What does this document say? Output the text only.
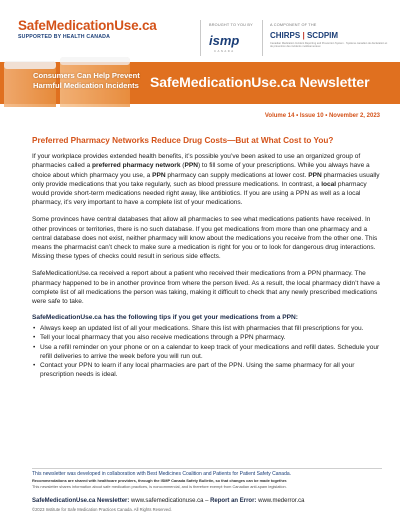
SafeMedicationUse.ca
SUPPORTED BY HEALTH CANADA
BROUGHT TO YOU BY
ismp
CANADA
A COMPONENT OF THE
CHIRPS | SCDPIM
Canadian Medication Incident Reporting and Prevention System · Système canadien de déclaration et de prévention des incidents médicamenteux
Consumers Can Help Prevent
Harmful Medication Incidents SafeMedicationUse.ca Newsletter
Volume 14 • Issue 10 • November 2, 2023
Preferred Pharmacy Networks Reduce Drug Costs—But at What Cost to You?

If your workplace provides extended health benefits, it’s possible you’ve been asked to use an organized group of pharmacies called a preferred pharmacy network (PPN) to fill some of your prescriptions. While you always have a choice about which pharmacy you use, a PPN pharmacy can supply medications at lower cost. PPN pharmacies usually only provide medications that you take regularly, such as blood pressure medications. In contrast, a local pharmacy would provide short-term medications needed right away, like antibiotics. If you are using a PPN as well as a local pharmacy, it’s very important to have a complete list of your medications.

Some provinces have central databases that allow all pharmacies to see what medications patients have received. In other provinces or territories, there is no such database. If you get medications from more than one pharmacy and a central database does not exist, neither pharmacy will know about the medications you receive from the other one. This means the pharmacist can’t check to make sure a medication is right for you or to look for dangerous drug interactions. Missing these types of checks could result in serious side effects.

SafeMedicationUse.ca received a report about a patient who received their medications from a PPN pharmacy. The pharmacy happened to be in another province from where the person lived. As a result, the local pharmacy didn’t have a complete list of all medications the person was taking, making it difficult to check that any newly prescribed medications were safe to take.

SafeMedicationUse.ca has the following tips if you get your medications from a PPN:
• Always keep an updated list of all your medications. Share this list with pharmacies that fill prescriptions for you.
• Tell your local pharmacy that you also receive medications through a PPN pharmacy.
• Use a refill reminder on your phone or on a calendar to keep track of your medications and refill dates. Schedule your refill deliveries to arrive the week before you will run out.
• Contact your PPN to learn if any local pharmacies are part of the PPN. Using the same pharmacy for all your prescription needs is ideal.
This newsletter was developed in collaboration with Best Medicines Coalition and Patients for Patient Safety Canada.
Recommendations are shared with healthcare providers, through the ISMP Canada Safety Bulletin, so that changes can be made together.
This newsletter shares information about safe medication practices, is noncommercial, and is therefore exempt from Canadian anti-spam legislation.
SafeMedicationUse.ca Newsletter: www.safemedicationuse.ca – Report an Error: www.mederror.ca
©2023 Institute for Safe Medication Practices Canada. All Rights Reserved.
